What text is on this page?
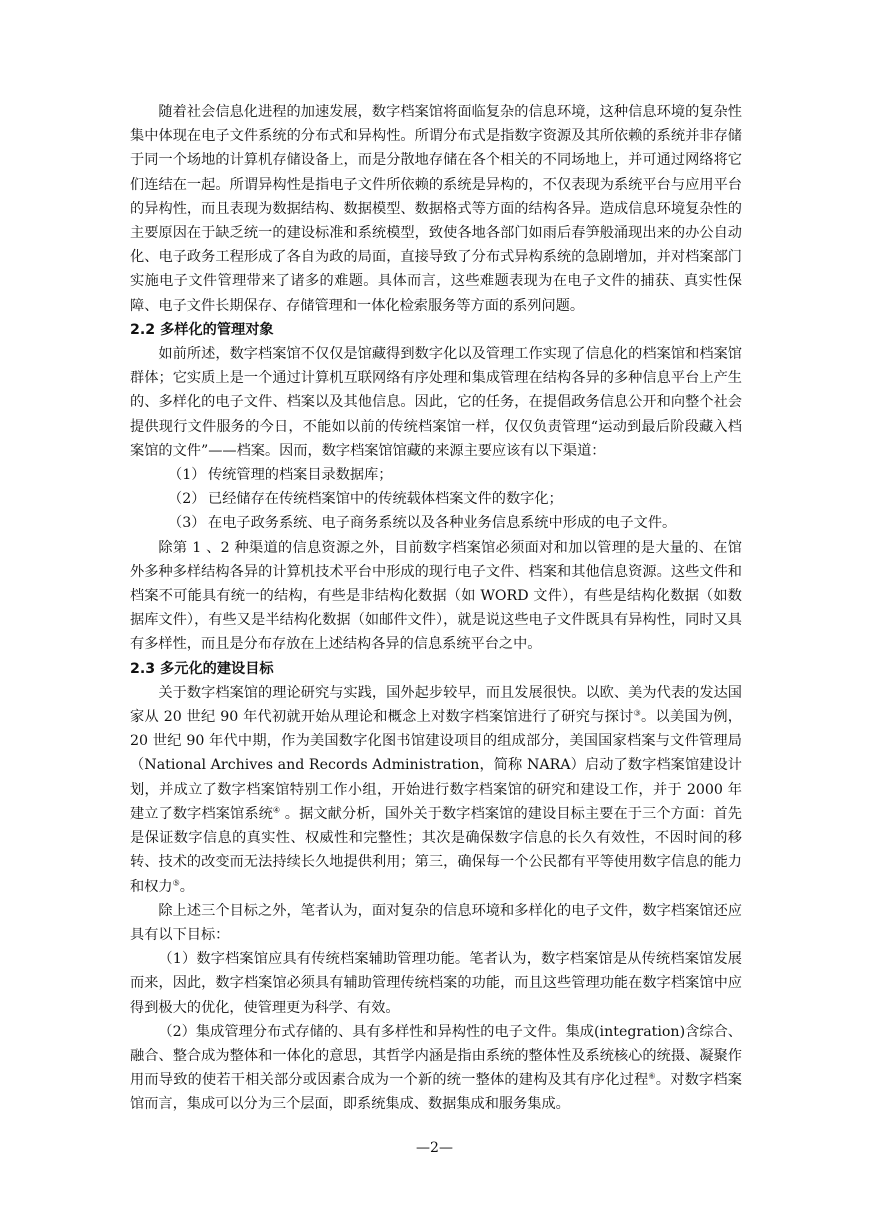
随着社会信息化进程的加速发展，数字档案馆将面临复杂的信息环境，这种信息环境的复杂性集中体现在电子文件系统的分布式和异构性。所谓分布式是指数字资源及其所依赖的系统并非存储于同一个场地的计算机存储设备上，而是分散地存储在各个相关的不同场地上，并可通过网络将它们连结在一起。所谓异构性是指电子文件所依赖的系统是异构的，不仅表现为系统平台与应用平台的异构性，而且表现为数据结构、数据模型、数据格式等方面的结构各异。造成信息环境复杂性的主要原因在于缺乏统一的建设标准和系统模型，致使各地各部门如雨后春笋般涌现出来的办公自动化、电子政务工程形成了各自为政的局面，直接导致了分布式异构系统的急剧增加，并对档案部门实施电子文件管理带来了诸多的难题。具体而言，这些难题表现为在电子文件的捕获、真实性保障、电子文件长期保存、存储管理和一体化检索服务等方面的系列问题。

2.2 多样化的管理对象

如前所述，数字档案馆不仅仅是馆藏得到数字化以及管理工作实现了信息化的档案馆和档案馆群体；它实质上是一个通过计算机互联网络有序处理和集成管理在结构各异的多种信息平台上产生的、多样化的电子文件、档案以及其他信息。因此，它的任务，在提倡政务信息公开和向整个社会提供现行文件服务的今日，不能如以前的传统档案馆一样，仅仅负责管理“运动到最后阶段藏入档案馆的文件”——档案。因而，数字档案馆馆藏的来源主要应该有以下渠道：

（1） 传统管理的档案目录数据库；

（2） 已经储存在传统档案馆中的传统载体档案文件的数字化；

（3） 在电子政务系统、电子商务系统以及各种业务信息系统中形成的电子文件。

除第 1 、2 种渠道的信息资源之外，目前数字档案馆必须面对和加以管理的是大量的、在馆外多种多样结构各异的计算机技术平台中形成的现行电子文件、档案和其他信息资源。这些文件和档案不可能具有统一的结构，有些是非结构化数据（如 WORD 文件），有些是结构化数据（如数据库文件），有些又是半结构化数据（如邮件文件），就是说这些电子文件既具有异构性，同时又具有多样性，而且是分布存放在上述结构各异的信息系统平台之中。

2.3 多元化的建设目标

关于数字档案馆的理论研究与实践，国外起步较早，而且发展很快。以欧、美为代表的发达国家从 20 世纪 90 年代初就开始从理论和概念上对数字档案馆进行了研究与探讨③。以美国为例，20 世纪 90 年代中期，作为美国数字化图书馆建设项目的组成部分，美国国家档案与文件管理局（National Archives and Records Administration，简称 NARA）启动了数字档案馆建设计划，并成立了数字档案馆特别工作小组，开始进行数字档案馆的研究和建设工作，并于 2000 年建立了数字档案馆系统④ 。据文献分析，国外关于数字档案馆的建设目标主要在于三个方面：首先是保证数字信息的真实性、权威性和完整性；其次是确保数字信息的长久有效性，不因时间的移转、技术的改变而无法持续长久地提供利用；第三，确保每一个公民都有平等使用数字信息的能力和权力⑤。

除上述三个目标之外，笔者认为，面对复杂的信息环境和多样化的电子文件，数字档案馆还应具有以下目标：

（1）数字档案馆应具有传统档案辅助管理功能。笔者认为，数字档案馆是从传统档案馆发展而来，因此，数字档案馆必须具有辅助管理传统档案的功能，而且这些管理功能在数字档案馆中应得到极大的优化，使管理更为科学、有效。

（2）集成管理分布式存储的、具有多样性和异构性的电子文件。集成(integration)含综合、融合、整合成为整体和一体化的意思，其哲学内涵是指由系统的整体性及系统核心的统摄、凝聚作用而导致的使若干相关部分或因素合成为一个新的统一整体的建构及其有序化过程⑥。对数字档案馆而言，集成可以分为三个层面，即系统集成、数据集成和服务集成。

—2—
